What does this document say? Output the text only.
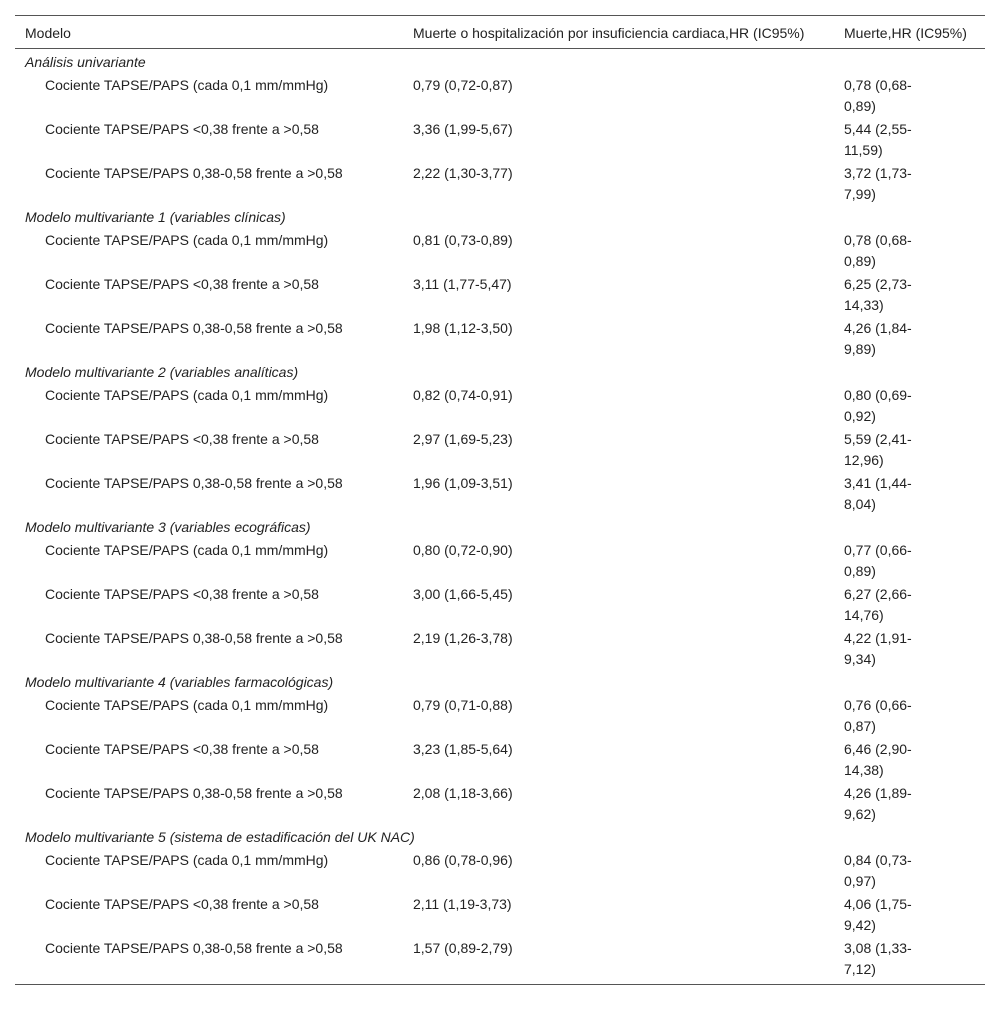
Modelo	Muerte o hospitalización por insuficiencia cardiaca,HR (IC95%)	Muerte,HR (IC95%)
Análisis univariante		
Cociente TAPSE/PAPS (cada 0,1 mm/mmHg)	0,79 (0,72-0,87)	0,78 (0,68-0,89)
Cociente TAPSE/PAPS <0,38 frente a >0,58	3,36 (1,99-5,67)	5,44 (2,55-11,59)
Cociente TAPSE/PAPS 0,38-0,58 frente a >0,58	2,22 (1,30-3,77)	3,72 (1,73-7,99)
Modelo multivariante 1 (variables clínicas)		
Cociente TAPSE/PAPS (cada 0,1 mm/mmHg)	0,81 (0,73-0,89)	0,78 (0,68-0,89)
Cociente TAPSE/PAPS <0,38 frente a >0,58	3,11 (1,77-5,47)	6,25 (2,73-14,33)
Cociente TAPSE/PAPS 0,38-0,58 frente a >0,58	1,98 (1,12-3,50)	4,26 (1,84-9,89)
Modelo multivariante 2 (variables analíticas)		
Cociente TAPSE/PAPS (cada 0,1 mm/mmHg)	0,82 (0,74-0,91)	0,80 (0,69-0,92)
Cociente TAPSE/PAPS <0,38 frente a >0,58	2,97 (1,69-5,23)	5,59 (2,41-12,96)
Cociente TAPSE/PAPS 0,38-0,58 frente a >0,58	1,96 (1,09-3,51)	3,41 (1,44-8,04)
Modelo multivariante 3 (variables ecográficas)		
Cociente TAPSE/PAPS (cada 0,1 mm/mmHg)	0,80 (0,72-0,90)	0,77 (0,66-0,89)
Cociente TAPSE/PAPS <0,38 frente a >0,58	3,00 (1,66-5,45)	6,27 (2,66-14,76)
Cociente TAPSE/PAPS 0,38-0,58 frente a >0,58	2,19 (1,26-3,78)	4,22 (1,91-9,34)
Modelo multivariante 4 (variables farmacológicas)		
Cociente TAPSE/PAPS (cada 0,1 mm/mmHg)	0,79 (0,71-0,88)	0,76 (0,66-0,87)
Cociente TAPSE/PAPS <0,38 frente a >0,58	3,23 (1,85-5,64)	6,46 (2,90-14,38)
Cociente TAPSE/PAPS 0,38-0,58 frente a >0,58	2,08 (1,18-3,66)	4,26 (1,89-9,62)
Modelo multivariante 5 (sistema de estadificación del UK NAC)		
Cociente TAPSE/PAPS (cada 0,1 mm/mmHg)	0,86 (0,78-0,96)	0,84 (0,73-0,97)
Cociente TAPSE/PAPS <0,38 frente a >0,58	2,11 (1,19-3,73)	4,06 (1,75-9,42)
Cociente TAPSE/PAPS 0,38-0,58 frente a >0,58	1,57 (0,89-2,79)	3,08 (1,33-7,12)
